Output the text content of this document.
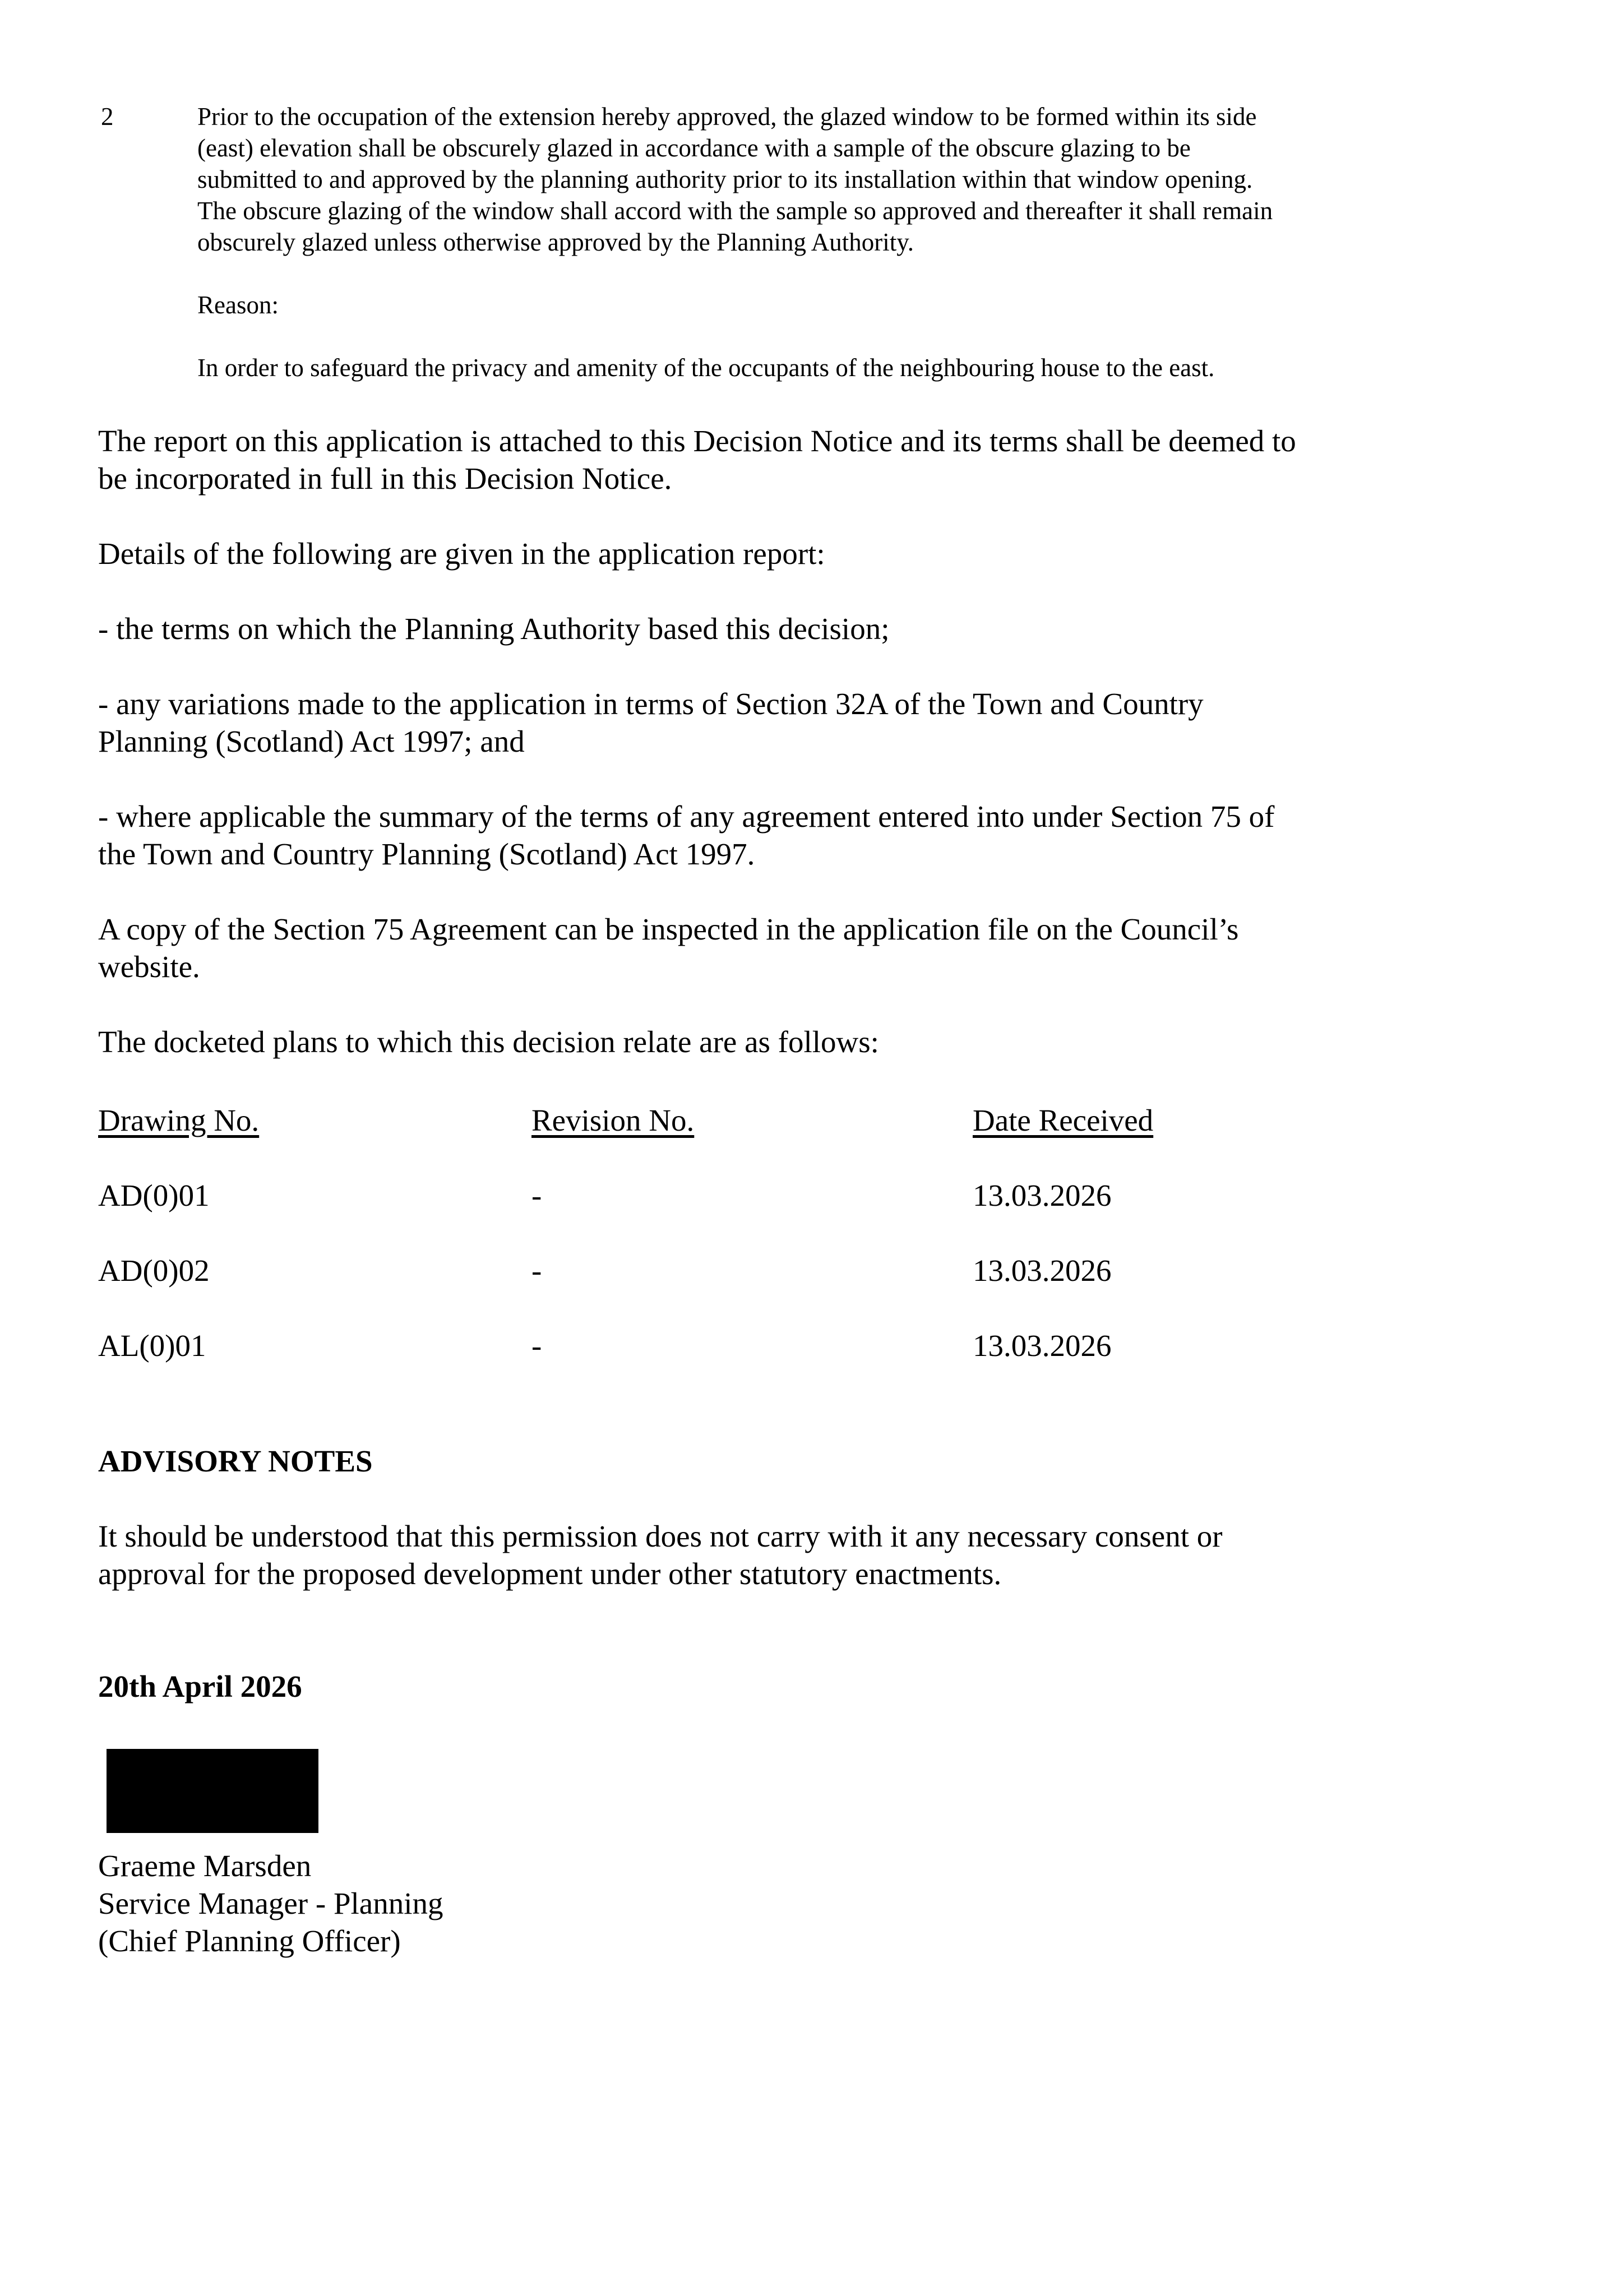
2	Prior to the occupation of the extension hereby approved, the glazed window to be formed within its side
(east) elevation shall be obscurely glazed in accordance with a sample of the obscure glazing to be
submitted to and approved by the planning authority prior to its installation within that window opening.
The obscure glazing of the window shall accord with the sample so approved and thereafter it shall remain
obscurely glazed unless otherwise approved by the Planning Authority.

Reason:

In order to safeguard the privacy and amenity of the occupants of the neighbouring house to the east.

The report on this application is attached to this Decision Notice and its terms shall be deemed to
be incorporated in full in this Decision Notice.

Details of the following are given in the application report:

- the terms on which the Planning Authority based this decision;

- any variations made to the application in terms of Section 32A of the Town and Country
Planning (Scotland) Act 1997; and

- where applicable the summary of the terms of any agreement entered into under Section 75 of
the Town and Country Planning (Scotland) Act 1997.

A copy of the Section 75 Agreement can be inspected in the application file on the Council’s
website.

The docketed plans to which this decision relate are as follows:

Drawing No.	Revision No.	Date Received
AD(0)01	-	13.03.2026
AD(0)02	-	13.03.2026
AL(0)01	-	13.03.2026
ADVISORY NOTES

It should be understood that this permission does not carry with it any necessary consent or
approval for the proposed development under other statutory enactments.

20th April 2026
Graeme Marsden
Service Manager - Planning
(Chief Planning Officer)
